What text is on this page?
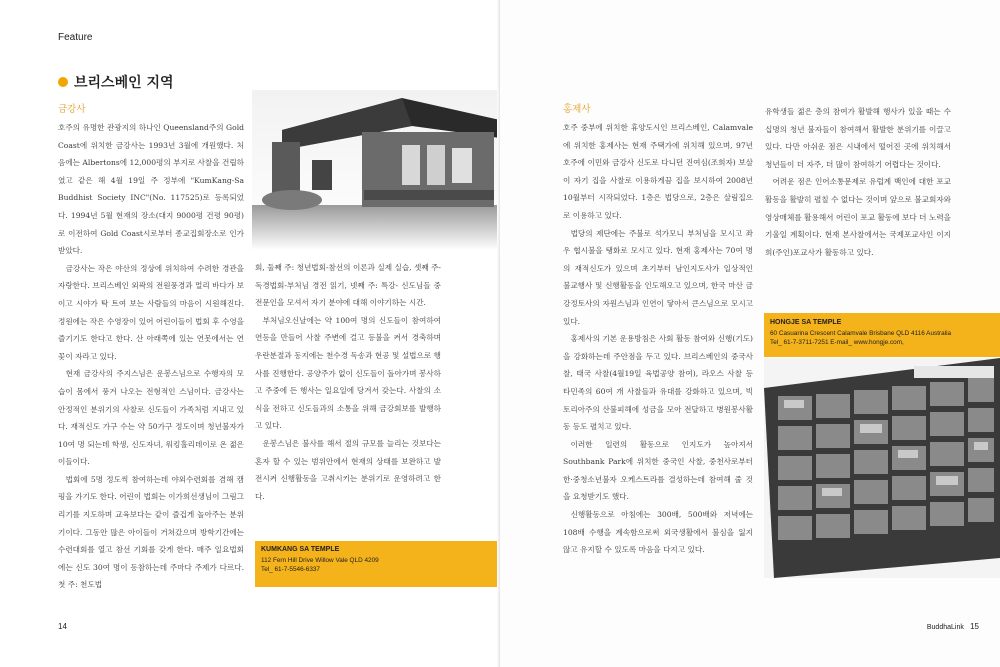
Feature
브리스베인 지역
금강사

호주의 유명한 관광지의 하나인 Queensland주의 Gold Coast에 위치한 금강사는 1993년 3월에 개원했다. 처음에는 Albertons에 12,000평의 부지로 사찰을 건립하였고 같은 해 4월 19일 주 정부에 "KumKang-Sa Buddhist Society INC"(No. 117525)로 등록되었다. 1994년 5월 현재의 장소(대지 9000평 건평 90평)로 이전하여 Gold Coast시로부터 종교집회장소로 인가받았다.

금강사는 작은 야산의 정상에 위치하여 수려한 경관을 자랑한다. 브리스베인 외곽의 전원풍경과 멀리 바다가 보이고 시야가 탁 트여 보는 사람들의 마음이 시원해진다. 정원에는 작은 수영장이 있어 어린이들이 법회 후 수영을 즐기기도 한다고 한다. 산 아래쪽에 있는 연못에서는 연꽃이 자라고 있다.

현재 금강사의 주지스님은 운봉스님으로 수행자의 모습이 몸에서 풍겨 나오는 전형적인 스님이다. 금강사는 안정적인 분위기의 사찰로 신도들이 가족처럼 지내고 있다. 재적신도 가구 수는 약 50가구 정도이며 청년불자가 10여 명 되는데 학생, 신도자녀, 워킹홀리데이로 온 젊은이들이다.

법회에 5명 정도씩 참여하는데 야외수련회를 겸해 캠핑을 가기도 한다. 어린이 법회는 이가희선생님이 그림그리기를 지도하며 교육보다는 같이 즐겁게 놀아주는 분위기이다. 그동안 많은 아이들이 거쳐갔으며 방학기간에는 수련대회를 열고 참선 기회를 갖게 한다. 매주 일요법회에는 신도 30여 명이 동참하는데 주마다 주제가 다르다. 첫 주: 천도법

회, 둘째 주: 청년법회-참선의 이론과 실제 실습, 셋째 주-독경법회-부처님 경전 읽기, 넷째 주: 특강- 신도님들 중 전문인을 모셔서 자기 분야에 대해 이야기하는 시간.

부처님오신날에는 약 100여 명의 신도들이 참여하여 연등을 만들어 사찰 주변에 걸고 등불을 켜서 경축하며 우란분절과 동지에는 천수경 독송과 현공 및 설법으로 행사를 진행한다. 공양주가 없이 신도들이 돌아가며 봉사하고 주중에 든 행사는 일요일에 당겨서 갖는다. 사찰의 소식을 전하고 신도들과의 소통을 위해 금강회보를 발행하고 있다.

운봉스님은 불사를 해서 절의 규모를 늘리는 것보다는 혼자 할 수 있는 범위안에서 현재의 상태를 보완하고 발전시켜 신행활동을 고취시키는 분위기로 운영하려고 한다.

KUMKANG SA TEMPLE
112 Fern Hill Drive Willow Vale QLD 4209
Tel_ 61-7-5546-6337
14
홍제사

호주 중부에 위치한 휴양도시인 브리스베인, Calamvale에 위치한 홍제사는 현재 주택가에 위치해 있으며, 97년 호주에 이민와 금강사 신도로 다니던 진여심(조희자) 보살이 자기 집을 사찰로 이용하게끔 집을 보시하여 2008년 10월부터 시작되었다. 1층은 법당으로, 2층은 살림집으로 이용하고 있다.

법당의 제단에는 주불로 석가모니 부처님을 모시고 좌우 협시불을 탱화로 모시고 있다. 현재 홍제사는 70여 명의 재적신도가 있으며 초기부터 남인지도사가 일상적인 불교행사 및 신행활동을 인도해오고 있으며, 한국 마산 금강정토사의 자원스님과 인연이 닿아서 큰스님으로 모시고 있다.

홍제사의 기본 운용방침은 사회 활동 참여와 신행(기도)을 강화하는데 주안점을 두고 있다. 브리스베인의 중국사찰, 태국 사찰(4월19일 육법공양 참여), 라오스 사찰 등 타민족의 60여 개 사찰들과 유대를 강화하고 있으며, 빅토리아주의 산불피해에 성금을 모아 전달하고 병원봉사활동 등도 펼치고 있다.

이러한 일련의 활동으로 인지도가 높아져서 Southbank Park에 위치한 중국인 사찰, 중천사로부터 한·중청소년불자 오케스트라를 결성하는데 참여해 줄 것을 요청받기도 했다.

신행활동으로 아침에는 300배, 500배와 저녁에는 108배 수행을 계속함으로써 외국생활에서 불심을 잃지 않고 유지할 수 있도록 마음을 다지고 있다.

유학생들 젊은 층의 참여가 활발해 행사가 있을 때는 수 십명의 청년 불자들이 참여해서 활발한 분위기를 이끌고 있다. 다만 아쉬운 점은 시내에서 떨어진 곳에 위치해서 청년들이 더 자주, 더 많이 참여하기 어렵다는 것이다.

어려운 점은 인어소통문제로 유럽계 백인에 대한 포교활동을 활발히 펼칠 수 없다는 것이며 앞으로 불교회자와 영상매체를 활용해서 어린이 포교 활동에 보다 더 노력을 기울일 계획이다. 현재 본사찰에서는 국제포교사인 이지희(주인)포교사가 활동하고 있다.

HONGJE SA TEMPLE
60 Casuarina Crescent Calamvale Brisbane QLD 4116 Australia
Tel_ 61-7-3711-7251 E-mail_ www.hongje.com,
BuddhaLink 15
